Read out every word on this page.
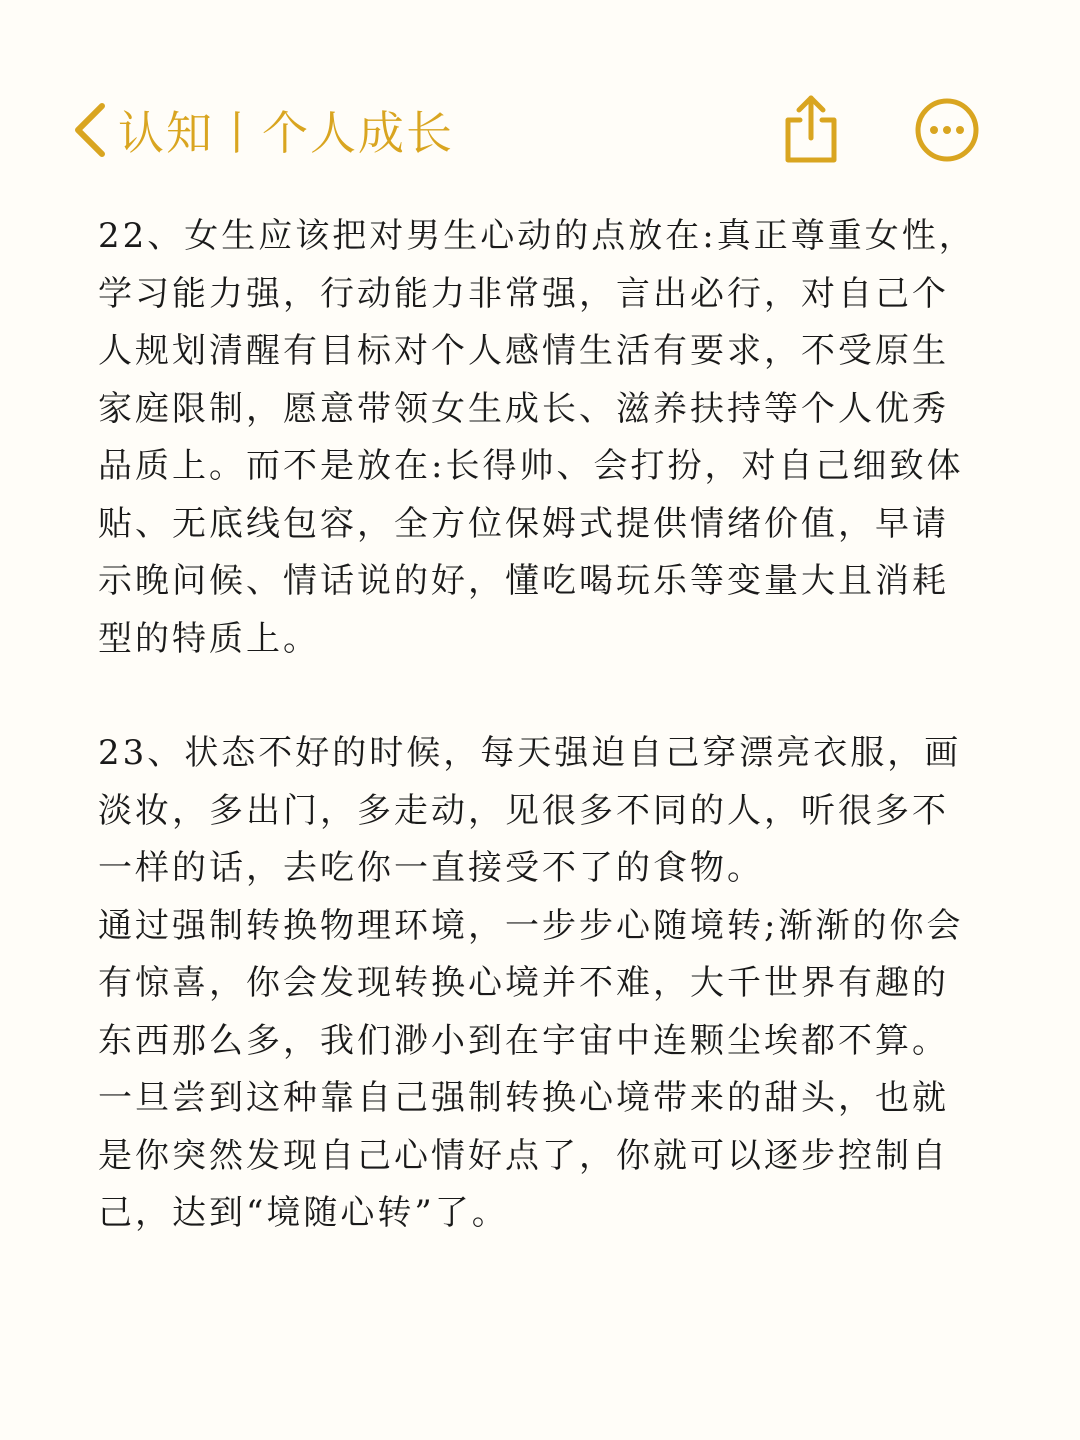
认知丨个人成长

22、女生应该把对男生心动的点放在:真正尊重女性，
学习能力强，行动能力非常强，言出必行，对自己个
人规划清醒有目标对个人感情生活有要求，不受原生
家庭限制，愿意带领女生成长、滋养扶持等个人优秀
品质上。而不是放在:长得帅、会打扮，对自己细致体
贴、无底线包容，全方位保姆式提供情绪价值，早请
示晚问候、情话说的好，懂吃喝玩乐等变量大且消耗
型的特质上。

23、状态不好的时候，每天强迫自己穿漂亮衣服，画
淡妆，多出门，多走动，见很多不同的人，听很多不
一样的话，去吃你一直接受不了的食物。
通过强制转换物理环境，一步步心随境转;渐渐的你会
有惊喜，你会发现转换心境并不难，大千世界有趣的
东西那么多，我们渺小到在宇宙中连颗尘埃都不算。
一旦尝到这种靠自己强制转换心境带来的甜头，也就
是你突然发现自己心情好点了，你就可以逐步控制自
己，达到“境随心转”了。
